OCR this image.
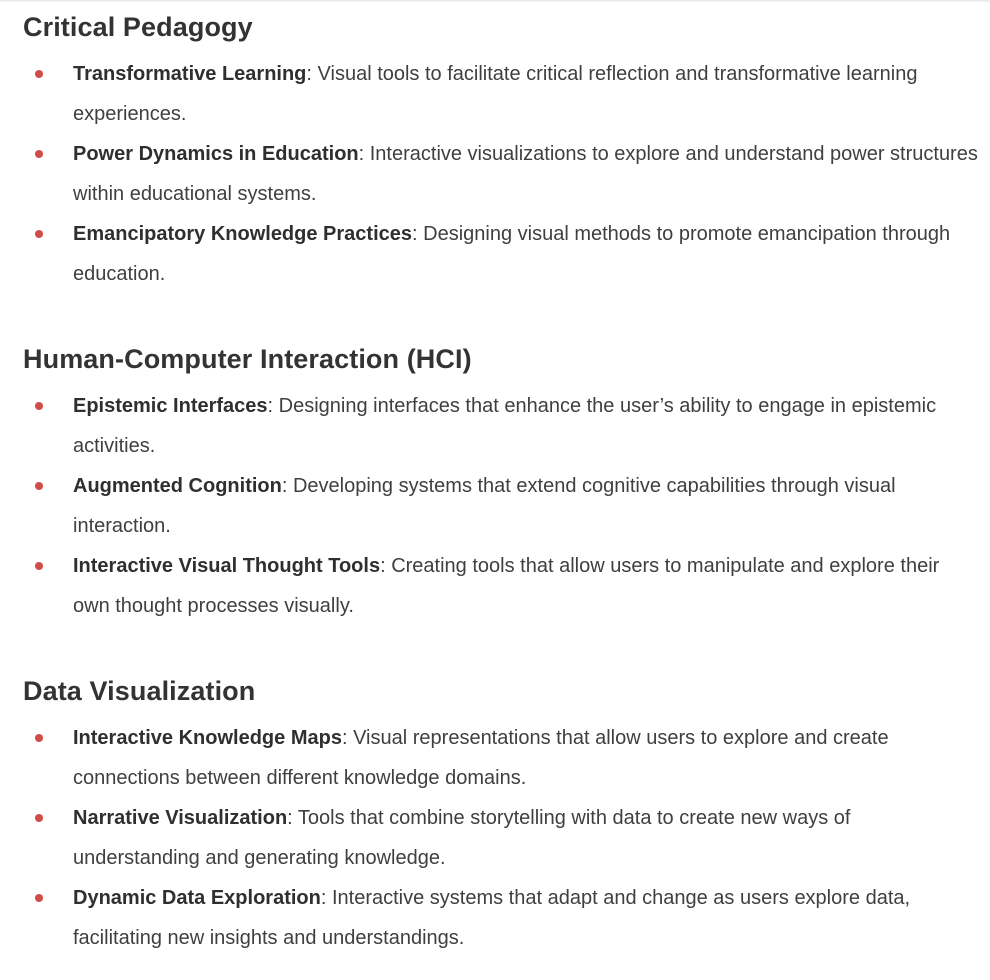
Critical Pedagogy
Transformative Learning: Visual tools to facilitate critical reflection and transformative learning experiences.
Power Dynamics in Education: Interactive visualizations to explore and understand power structures within educational systems.
Emancipatory Knowledge Practices: Designing visual methods to promote emancipation through education.
Human-Computer Interaction (HCI)
Epistemic Interfaces: Designing interfaces that enhance the user’s ability to engage in epistemic activities.
Augmented Cognition: Developing systems that extend cognitive capabilities through visual interaction.
Interactive Visual Thought Tools: Creating tools that allow users to manipulate and explore their own thought processes visually.
Data Visualization
Interactive Knowledge Maps: Visual representations that allow users to explore and create connections between different knowledge domains.
Narrative Visualization: Tools that combine storytelling with data to create new ways of understanding and generating knowledge.
Dynamic Data Exploration: Interactive systems that adapt and change as users explore data, facilitating new insights and understandings.
